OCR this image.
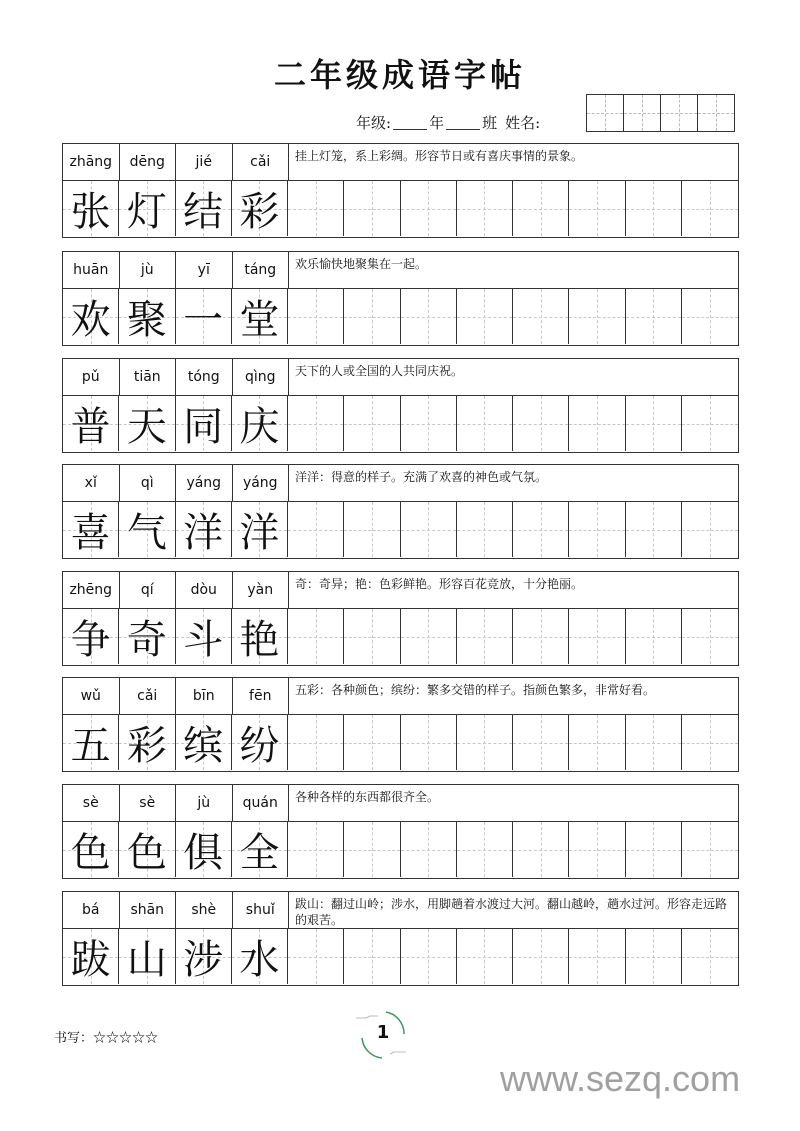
二年级成语字帖
年级:	年	班 姓名:
zhāng	dēng	jié	cǎi	挂上灯笼，系上彩绸。形容节日或有喜庆事情的景象。
张 灯 结 彩
huān	jù	yī	táng	欢乐愉快地聚集在一起。
欢 聚 一 堂
pǔ	tiān	tóng	qìng	天下的人或全国的人共同庆祝。
普 天 同 庆
xǐ	qì	yáng	yáng	洋洋：得意的样子。充满了欢喜的神色或气氛。
喜 气 洋 洋
zhēng	qí	dòu	yàn	奇：奇异；艳：色彩鲜艳。形容百花竞放，十分艳丽。
争 奇 斗 艳
wǔ	cǎi	bīn	fēn	五彩：各种颜色；缤纷：繁多交错的样子。指颜色繁多，非常好看。
五 彩 缤 纷
sè	sè	jù	quán	各种各样的东西都很齐全。
色 色 俱 全
bá	shān	shè	shuǐ	跋山：翻过山岭；涉水，用脚趟着水渡过大河。翻山越岭，趟水过河。形容走远路的艰苦。
跋 山 涉 水
书写：☆☆☆☆☆	1
www.sezq.com
